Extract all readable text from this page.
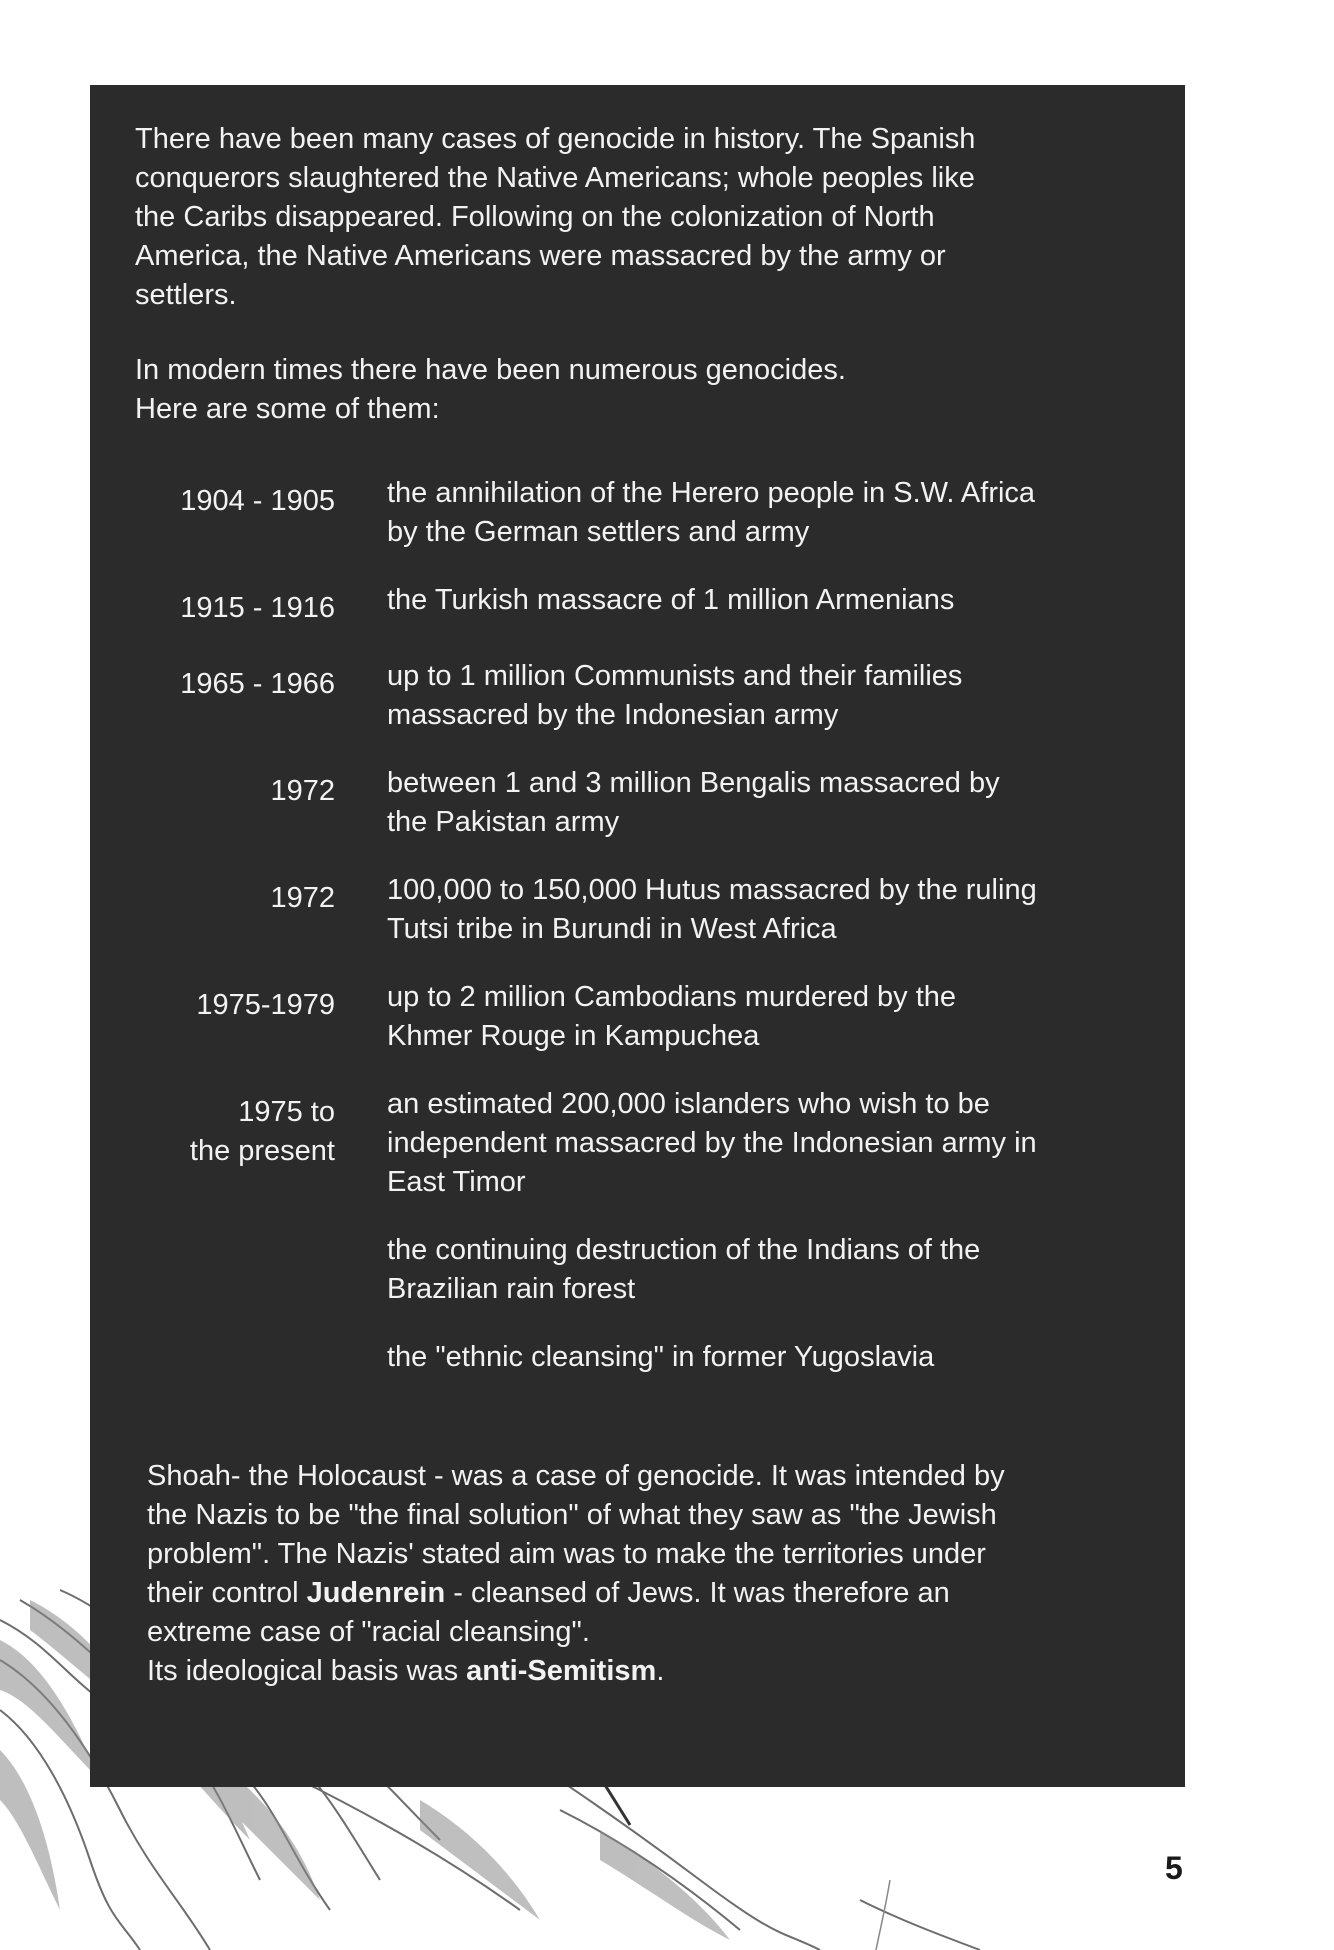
There have been many cases of genocide in history. The Spanish
conquerors slaughtered the Native Americans; whole peoples like
the Caribs disappeared. Following on the colonization of North
America, the Native Americans were massacred by the army or
settlers.

In modern times there have been numerous genocides.
Here are some of them:

1904 - 1905 the annihilation of the Herero people in S.W. Africa
by the German settlers and army
1915 - 1916 the Turkish massacre of 1 million Armenians
1965 - 1966 up to 1 million Communists and their families
massacred by the Indonesian army
1972 between 1 and 3 million Bengalis massacred by
the Pakistan army
1972 100,000 to 150,000 Hutus massacred by the ruling
Tutsi tribe in Burundi in West Africa
1975-1979 up to 2 million Cambodians murdered by the
Khmer Rouge in Kampuchea
1975 to
the present
an estimated 200,000 islanders who wish to be
independent massacred by the Indonesian army in
East Timor
the continuing destruction of the Indians of the
Brazilian rain forest
the "ethnic cleansing" in former Yugoslavia

Shoah- the Holocaust - was a case of genocide. It was intended by
the Nazis to be "the final solution" of what they saw as "the Jewish
problem". The Nazis' stated aim was to make the territories under
their control Judenrein - cleansed of Jews. It was therefore an
extreme case of "racial cleansing".
Its ideological basis was anti-Semitism.

5
